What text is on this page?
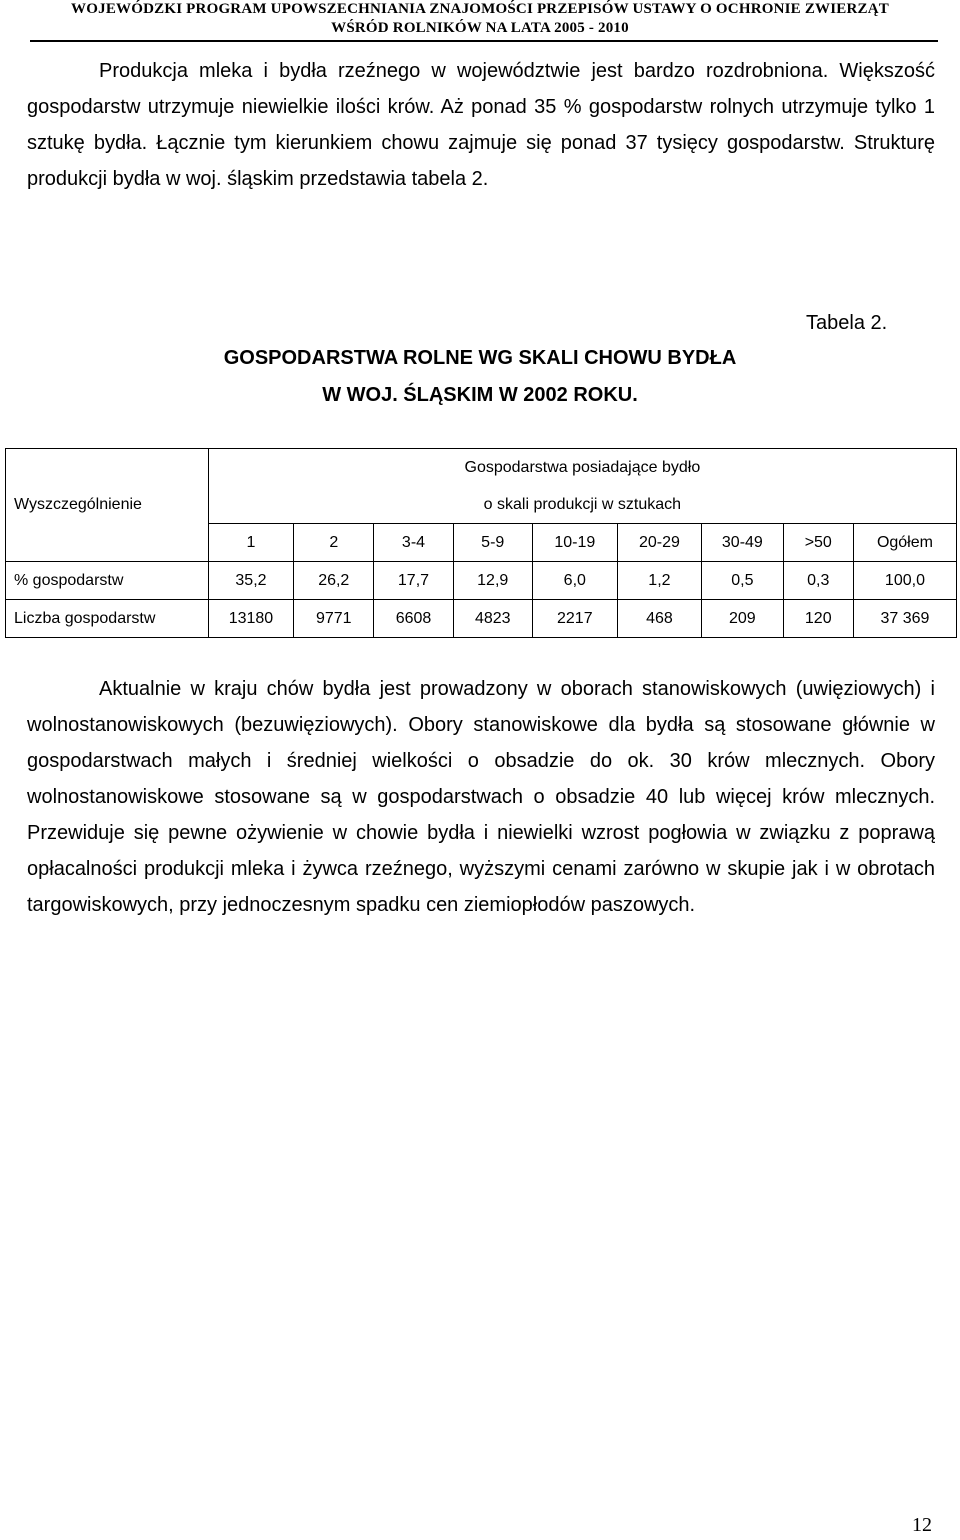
WOJEWÓDZKI PROGRAM UPOWSZECHNIANIA ZNAJOMOŚCI PRZEPISÓW USTAWY O OCHRONIE ZWIERZĄT
WŚRÓD ROLNIKÓW NA LATA 2005 - 2010

Produkcja mleka i bydła rzeźnego w województwie jest bardzo rozdrobniona. Większość gospodarstw utrzymuje niewielkie ilości krów. Aż ponad 35 % gospodarstw rolnych utrzymuje tylko 1 sztukę bydła. Łącznie tym kierunkiem chowu zajmuje się ponad 37 tysięcy gospodarstw. Strukturę produkcji bydła w woj. śląskim przedstawia tabela 2.

Tabela 2.
GOSPODARSTWA ROLNE WG SKALI CHOWU BYDŁA
W WOJ. ŚLĄSKIM W 2002 ROKU.
Wyszczególnienie	Gospodarstwa posiadające bydło								
	o skali produkcji w sztukach								
	1	2	3-4	5-9	10-19	20-29	30-49	>50	Ogółem
% gospodarstw	35,2	26,2	17,7	12,9	6,0	1,2	0,5	0,3	100,0
Liczba gospodarstw	13180	9771	6608	4823	2217	468	209	120	37 369

Aktualnie w kraju chów bydła jest prowadzony w oborach stanowiskowych (uwięziowych) i wolnostanowiskowych (bezuwięziowych). Obory stanowiskowe dla bydła są stosowane głównie w gospodarstwach małych i średniej wielkości o obsadzie do ok. 30 krów mlecznych. Obory wolnostanowiskowe stosowane są w gospodarstwach o obsadzie 40 lub więcej krów mlecznych. Przewiduje się pewne ożywienie w chowie bydła i niewielki wzrost pogłowia w związku z poprawą opłacalności produkcji mleka i żywca rzeźnego, wyższymi cenami zarówno w skupie jak i w obrotach targowiskowych, przy jednoczesnym spadku cen ziemiopłodów paszowych.

12
